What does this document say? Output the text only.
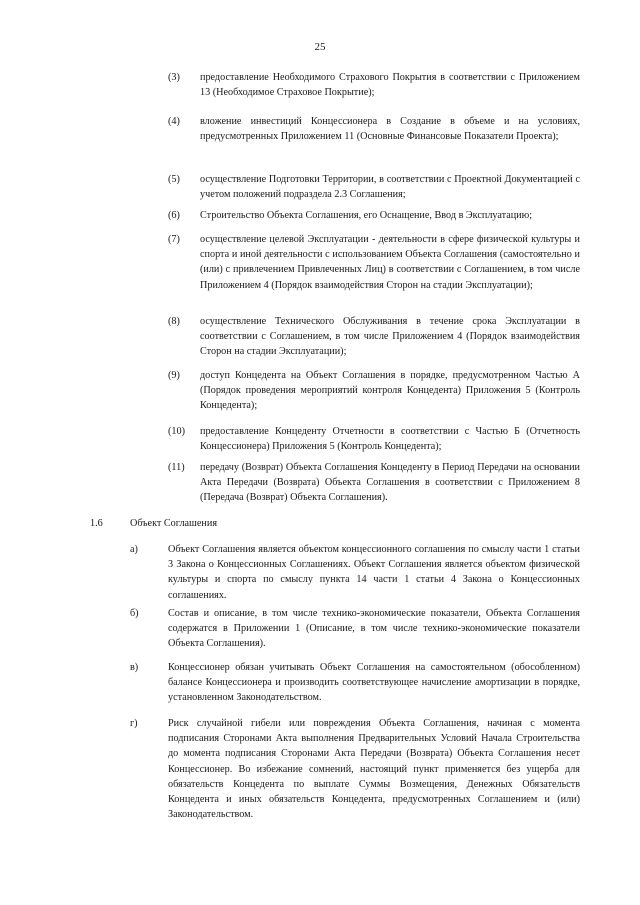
25
(3) предоставление Необходимого Страхового Покрытия в соответствии с Приложением 13 (Необходимое Страховое Покрытие);
(4) вложение инвестиций Концессионера в Создание в объеме и на условиях, предусмотренных Приложением 11 (Основные Финансовые Показатели Проекта);
(5) осуществление Подготовки Территории, в соответствии с Проектной Документацией с учетом положений подраздела 2.3 Соглашения;
(6) Строительство Объекта Соглашения, его Оснащение, Ввод в Эксплуатацию;
(7) осуществление целевой Эксплуатации - деятельности в сфере физической культуры и спорта и иной деятельности с использованием Объекта Соглашения (самостоятельно и (или) с привлечением Привлеченных Лиц) в соответствии с Соглашением, в том числе Приложением 4 (Порядок взаимодействия Сторон на стадии Эксплуатации);
(8) осуществление Технического Обслуживания в течение срока Эксплуатации в соответствии с Соглашением, в том числе Приложением 4 (Порядок взаимодействия Сторон на стадии Эксплуатации);
(9) доступ Концедента на Объект Соглашения в порядке, предусмотренном Частью А (Порядок проведения мероприятий контроля Концедента) Приложения 5 (Контроль Концедента);
(10) предоставление Концеденту Отчетности в соответствии с Частью Б (Отчетность Концессионера) Приложения 5 (Контроль Концедента);
(11) передачу (Возврат) Объекта Соглашения Концеденту в Период Передачи на основании Акта Передачи (Возврата) Объекта Соглашения в соответствии с Приложением 8 (Передача (Возврат) Объекта Соглашения).
1.6	Объект Соглашения
а)	Объект Соглашения является объектом концессионного соглашения по смыслу части 1 статьи 3 Закона о Концессионных Соглашениях. Объект Соглашения является объектом физической культуры и спорта по смыслу пункта 14 части 1 статьи 4 Закона о Концессионных соглашениях.
б)	Состав и описание, в том числе технико-экономические показатели, Объекта Соглашения содержатся в Приложении 1 (Описание, в том числе технико-экономические показатели Объекта Соглашения).
в)	Концессионер обязан учитывать Объект Соглашения на самостоятельном (обособленном) балансе Концессионера и производить соответствующее начисление амортизации в порядке, установленном Законодательством.
г)	Риск случайной гибели или повреждения Объекта Соглашения, начиная с момента подписания Сторонами Акта выполнения Предварительных Условий Начала Строительства до момента подписания Сторонами Акта Передачи (Возврата) Объекта Соглашения несет Концессионер. Во избежание сомнений, настоящий пункт применяется без ущерба для обязательств Концедента по выплате Суммы Возмещения, Денежных Обязательств Концедента и иных обязательств Концедента, предусмотренных Соглашением и (или) Законодательством.
